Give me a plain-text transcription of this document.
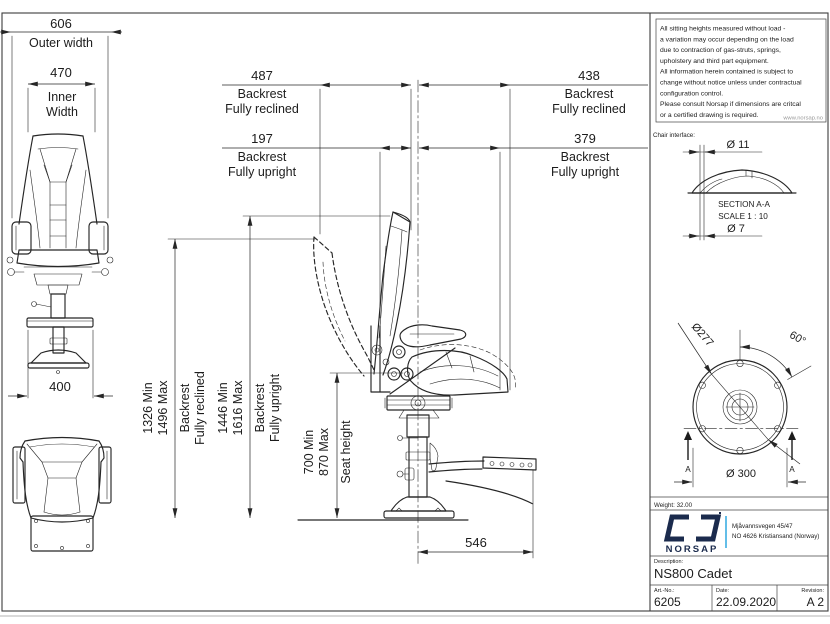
606
Outer width
470
Inner
Width
400
487
Backrest
Fully reclined
438
Backrest
Fully reclined
197
Backrest
Fully upright
379
Backrest
Fully upright
1326 Min 1496 Max Backrest Fully reclined 1446 Min 1616 Max Backrest Fully upright
700 Min 870 Max Seat height
546
All sitting heights measured without load -
a variation may occur depending on the load
due to contraction of gas-struts, springs,
upholstery and third part equipment.
All information herein contained is subject to
change without notice unless under contractual
configuration control.
Please consult Norsap if dimensions are critcal
or a certified drawing is required.	www.norsap.no
Chair interface:
Ø 11
SECTION A-A
SCALE 1 : 10
Ø 7
Ø277	60°
A	A
Ø 300
Weight: 32.00
NORSAP
Mjåvannsvegen 45/47
NO 4626 Kristiansand (Norway)
Description:
NS800 Cadet
Art.-No.:
6205
Date:
22.09.2020
Revision:
A 2
